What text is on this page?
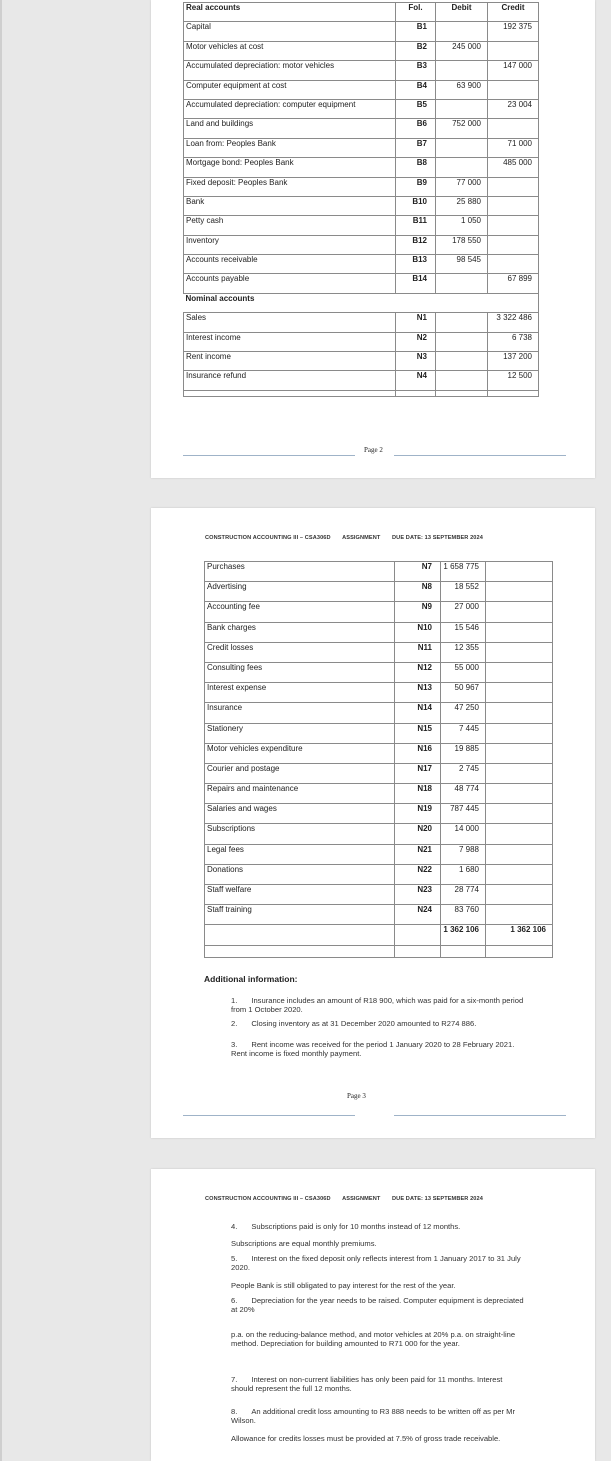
Real accounts	Fol.	Debit	Credit
Capital	B1		192 375
Motor vehicles at cost	B2	245 000	
Accumulated depreciation: motor vehicles	B3		147 000
Computer equipment at cost	B4	63 900	
Accumulated depreciation: computer equipment	B5		23 004
Land and buildings	B6	752 000	
Loan from: Peoples Bank	B7		71 000
Mortgage bond: Peoples Bank	B8		485 000
Fixed deposit: Peoples Bank	B9	77 000	
Bank	B10	25 880	
Petty cash	B11	1 050	
Inventory	B12	178 550	
Accounts receivable	B13	98 545	
Accounts payable	B14		67 899
Nominal accounts			
Sales	N1		3 322 486
Interest income	N2		6 738
Rent income	N3		137 200
Insurance refund	N4		12 500

Page 2
CONSTRUCTION ACCOUNTING III – CSA306D ASSIGNMENT DUE DATE: 13 SEPTEMBER 2024
Purchases	N7	1 658 775	
Advertising	N8	18 552	
Accounting fee	N9	27 000	
Bank charges	N10	15 546	
Credit losses	N11	12 355	
Consulting fees	N12	55 000	
Interest expense	N13	50 967	
Insurance	N14	47 250	
Stationery	N15	7 445	
Motor vehicles expenditure	N16	19 885	
Courier and postage	N17	2 745	
Repairs and maintenance	N18	48 774	
Salaries and wages	N19	787 445	
Subscriptions	N20	14 000	
Legal fees	N21	7 988	
Donations	N22	1 680	
Staff welfare	N23	28 774	
Staff training	N24	83 760	
		1 362 106	1 362 106

Additional information:
1. Insurance includes an amount of R18 900, which was paid for a six-month period from 1 October 2020.
2. Closing inventory as at 31 December 2020 amounted to R274 886.
3. Rent income was received for the period 1 January 2020 to 28 February 2021. Rent income is fixed monthly payment.
Page 3
CONSTRUCTION ACCOUNTING III – CSA306D ASSIGNMENT DUE DATE: 13 SEPTEMBER 2024
4. Subscriptions paid is only for 10 months instead of 12 months.
Subscriptions are equal monthly premiums.
5. Interest on the fixed deposit only reflects interest from 1 January 2017 to 31 July 2020.
People Bank is still obligated to pay interest for the rest of the year.
6. Depreciation for the year needs to be raised. Computer equipment is depreciated at 20%
p.a. on the reducing-balance method, and motor vehicles at 20% p.a. on straight-line method. Depreciation for building amounted to R71 000 for the year.
7. Interest on non-current liabilities has only been paid for 11 months. Interest should represent the full 12 months.
8. An additional credit loss amounting to R3 888 needs to be written off as per Mr Wilson.
Allowance for credits losses must be provided at 7.5% of gross trade receivable.
